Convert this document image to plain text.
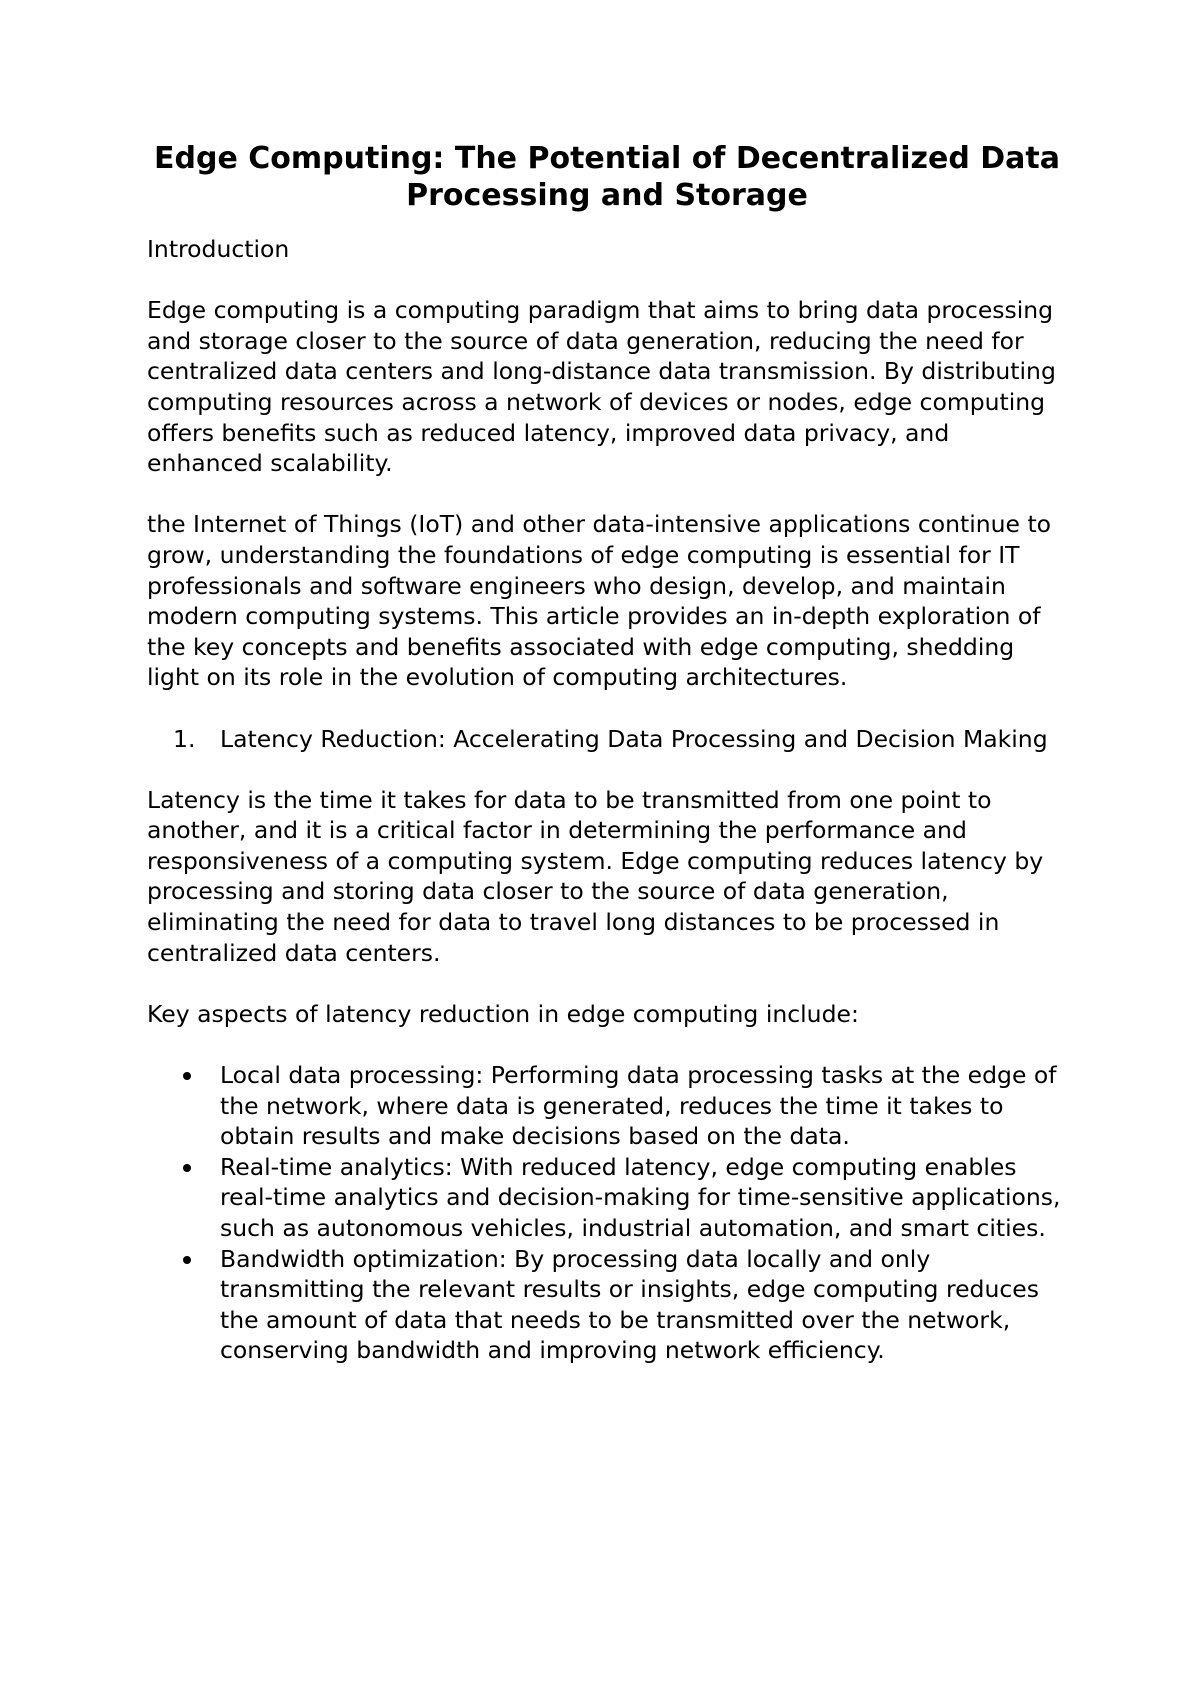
Edge Computing: The Potential of Decentralized Data Processing and Storage

Introduction

Edge computing is a computing paradigm that aims to bring data processing and storage closer to the source of data generation, reducing the need for centralized data centers and long-distance data transmission. By distributing computing resources across a network of devices or nodes, edge computing offers benefits such as reduced latency, improved data privacy, and enhanced scalability.

the Internet of Things (IoT) and other data-intensive applications continue to grow, understanding the foundations of edge computing is essential for IT professionals and software engineers who design, develop, and maintain modern computing systems. This article provides an in-depth exploration of the key concepts and benefits associated with edge computing, shedding light on its role in the evolution of computing architectures.

1. Latency Reduction: Accelerating Data Processing and Decision Making

Latency is the time it takes for data to be transmitted from one point to another, and it is a critical factor in determining the performance and responsiveness of a computing system. Edge computing reduces latency by processing and storing data closer to the source of data generation, eliminating the need for data to travel long distances to be processed in centralized data centers.

Key aspects of latency reduction in edge computing include:

Local data processing: Performing data processing tasks at the edge of the network, where data is generated, reduces the time it takes to obtain results and make decisions based on the data.
Real-time analytics: With reduced latency, edge computing enables real-time analytics and decision-making for time-sensitive applications, such as autonomous vehicles, industrial automation, and smart cities.
Bandwidth optimization: By processing data locally and only transmitting the relevant results or insights, edge computing reduces the amount of data that needs to be transmitted over the network, conserving bandwidth and improving network efficiency.
